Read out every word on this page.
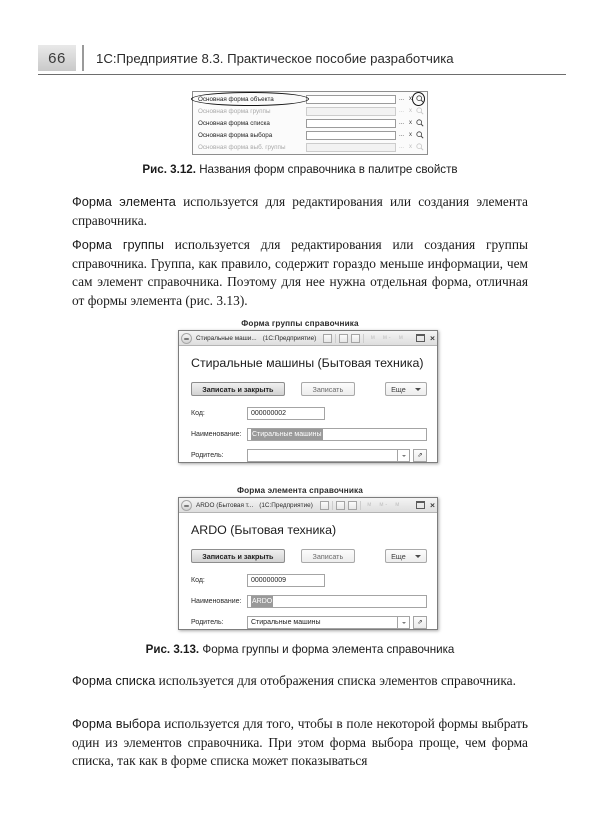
66	1С:Предприятие 8.3. Практическое пособие разработчика
Основная форма объекта	... x
Основная форма группы	... x
Основная форма списка	... x
Основная форма выбора	... x
Основная форма выб. группы	... x
Рис. 3.12. Названия форм справочника в палитре свойств
Форма элемента используется для редактирования или создания элемента справочника.
Форма группы используется для редактирования или создания группы справочника. Группа, как правило, содержит гораздо меньше информации, чем сам элемент справочника. Поэтому для нее нужна отдельная форма, отличная от формы элемента (рис. 3.13).
Форма группы справочника
Стиральные маши... (1С:Предприятие)	м	м -	м	×
Стиральные машины (Бытовая техника)
Записать и закрыть	Записать	Еще
Код:	000000002
Наименование:	Стиральные машины
Родитель:	⇗
Форма элемента справочника
ARDO (Бытовая т... (1С:Предприятие)	м	м -	м	×
ARDO (Бытовая техника)
Записать и закрыть	Записать	Еще
Код:	000000009
Наименование:	ARDO
Родитель:	Стиральные машины	⇗
Рис. 3.13. Форма группы и форма элемента справочника
Форма списка используется для отображения списка элементов справочника.
Форма выбора используется для того, чтобы в поле некоторой формы выбрать один из элементов справочника. При этом форма выбора проще, чем форма списка, так как в форме списка может показываться
